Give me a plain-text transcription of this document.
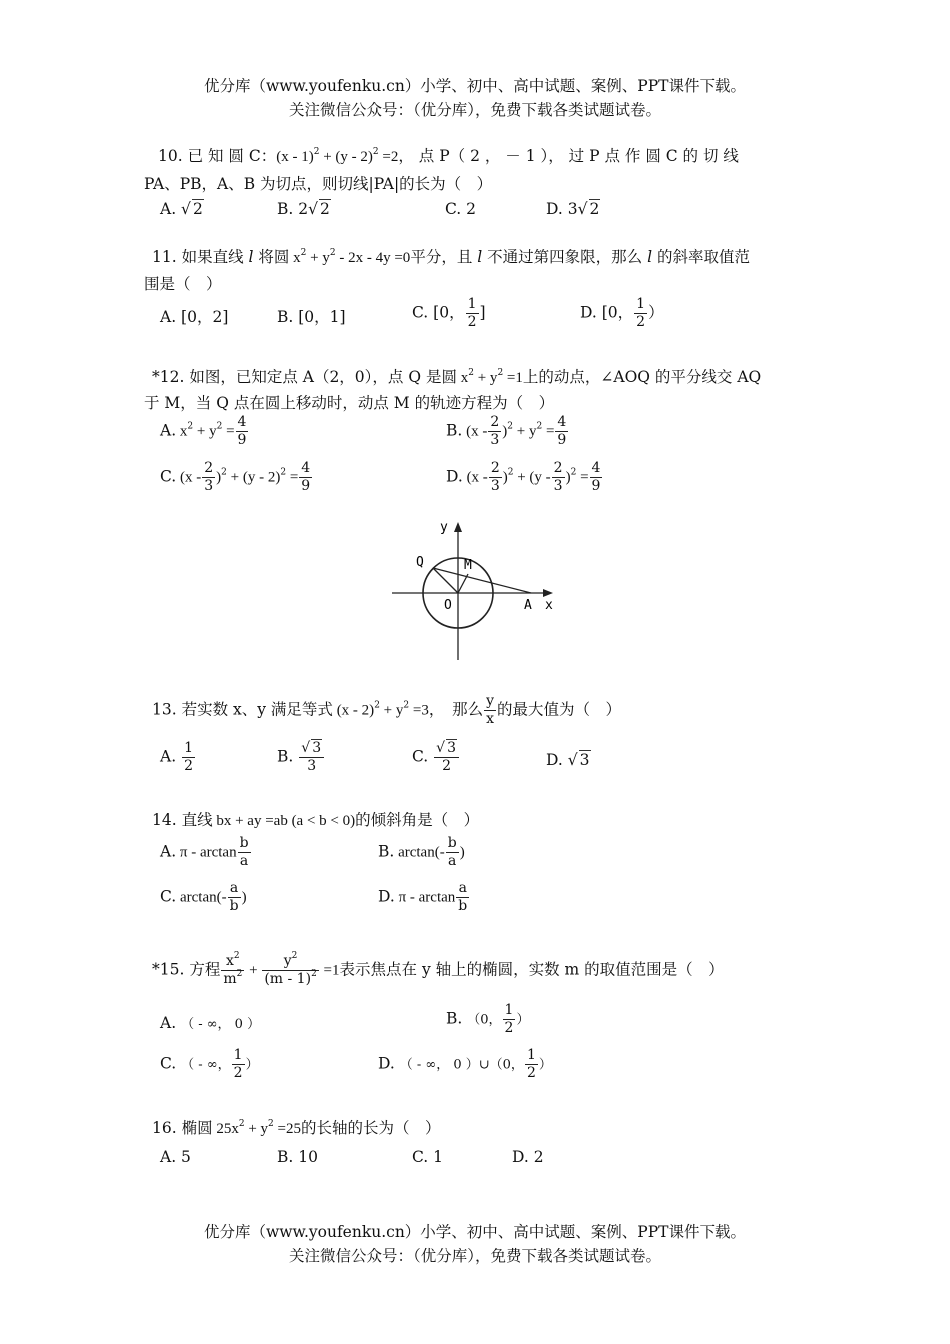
优分库（www.youfenku.cn）小学、初中、高中试题、案例、PPT课件下载。
关注微信公众号：（优分库），免费下载各类试题试卷。
10. 已 知 圆 C：(x - 1)$^2$ + (y - 2)$^2$ =2， 点 P（ 2 ， － 1 ）， 过 P 点 作 圆 C 的 切 线
PA、PB，A、B 为切点，则切线|PA|的长为（　）
A. √ 2	B. 2√ 2	C. 2	D. 3√ 2
11. 如果直线 l 将圆 $x^2 + y^2 - 2x - 4y =0$平分，且 l 不通过第四象限，那么 l 的斜率取值范
围是（　）
A. [0，2]	B. [0，1]	C. [0， $\frac{1}{2}$ ]	D. [0， $\frac{1}{2}$ ）
*12. 如图，已知定点 A（2，0），点 Q 是圆 $x^2 + y^2 =1$上的动点，∠AOQ 的平分线交 AQ
于 M，当 Q 点在圆上移动时，动点 M 的轨迹方程为（　）
A. $x^2 + y^2 = \frac{4}{9}$	B. $(x - \frac{2}{3} )^2 + y^2 = \frac{4}{9}$
C. $(x - \frac{2}{3} )^2 + (y - 2)^2 = \frac{4}{9}$	D. $(x - \frac{2}{3} )^2 + (y - \frac{2}{3} )^2 = \frac{4}{9}$
y
Q	M
O	A x
13. 若实数 x、y 满足等式 $(x - 2)^2 + y^2 =3$，　那么 $\frac{y}{x}$ 的最大值为（　）
A. $\frac{1}{2}$	B. $\frac{√ 3}{3}$	C. $\frac{√ 3}{2}$	D. √ 3
14. 直线 bx + ay =ab (a < b < 0)的倾斜角是（　）
A. π - $\arctan \frac{b}{a}$	B. $\arctan(- \frac{b}{a}$ )
C. $\arctan(- \frac{a}{b}$ )	D. π - $\arctan \frac{a}{b}$
*15. 方程 $\frac{x^2}{m^2} + \frac{y^2}{(m - 1)^2} =1$表示焦点在 y 轴上的椭圆，实数 m 的取值范围是（　）
A. （ - ∞， 0 ）	B. （0， $\frac{1}{2}$ ）
C. （ - ∞， $\frac{1}{2}$ ）	D. （ - ∞， 0 ）∪（0， $\frac{1}{2}$ ）
16. 椭圆 $25x^2 + y^2 =25$的长轴的长为（　）
A. 5	B. 10	C. 1	D. 2
优分库（www.youfenku.cn）小学、初中、高中试题、案例、PPT课件下载。
关注微信公众号：（优分库），免费下载各类试题试卷。
